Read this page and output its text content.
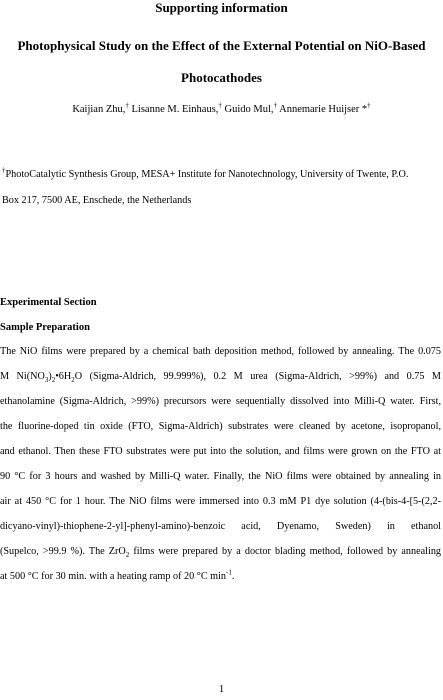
Supporting information
Photophysical Study on the Effect of the External Potential on NiO-Based
Photocathodes
Kaijian Zhu,† Lisanne M. Einhaus,† Guido Mul,† Annemarie Huijser *†
†PhotoCatalytic Synthesis Group, MESA+ Institute for Nanotechnology, University of Twente, P.O.
Box 217, 7500 AE, Enschede, the Netherlands
Experimental Section
Sample Preparation
The NiO films were prepared by a chemical bath deposition method, followed by annealing. The 0.075
M $Ni(NO_3)_2•6H_2O$ (Sigma-Aldrich, 99.999%), 0.2 M urea (Sigma-Aldrich, >99%) and 0.75 M
ethanolamine (Sigma-Aldrich, >99%) precursors were sequentially dissolved into Milli-Q water. First,
the fluorine-doped tin oxide (FTO, Sigma-Aldrich) substrates were cleaned by acetone, isopropanol,
and ethanol. Then these FTO substrates were put into the solution, and films were grown on the FTO at
90 °C for 3 hours and washed by Milli-Q water. Finally, the NiO films were obtained by annealing in
air at 450 °C for 1 hour. The NiO films were immersed into 0.3 mM P1 dye solution (4-(bis-4-[5-(2,2-
dicyano-vinyl)-thiophene-2-yl]-phenyl-amino)-benzoic acid, Dyenamo, Sweden) in ethanol
(Supelco, >99.9 %). The ZrO$_2$ films were prepared by a doctor blading method, followed by annealing
at 500 °C for 30 min. with a heating ramp of 20 °C $\min^{-1}$.
1
